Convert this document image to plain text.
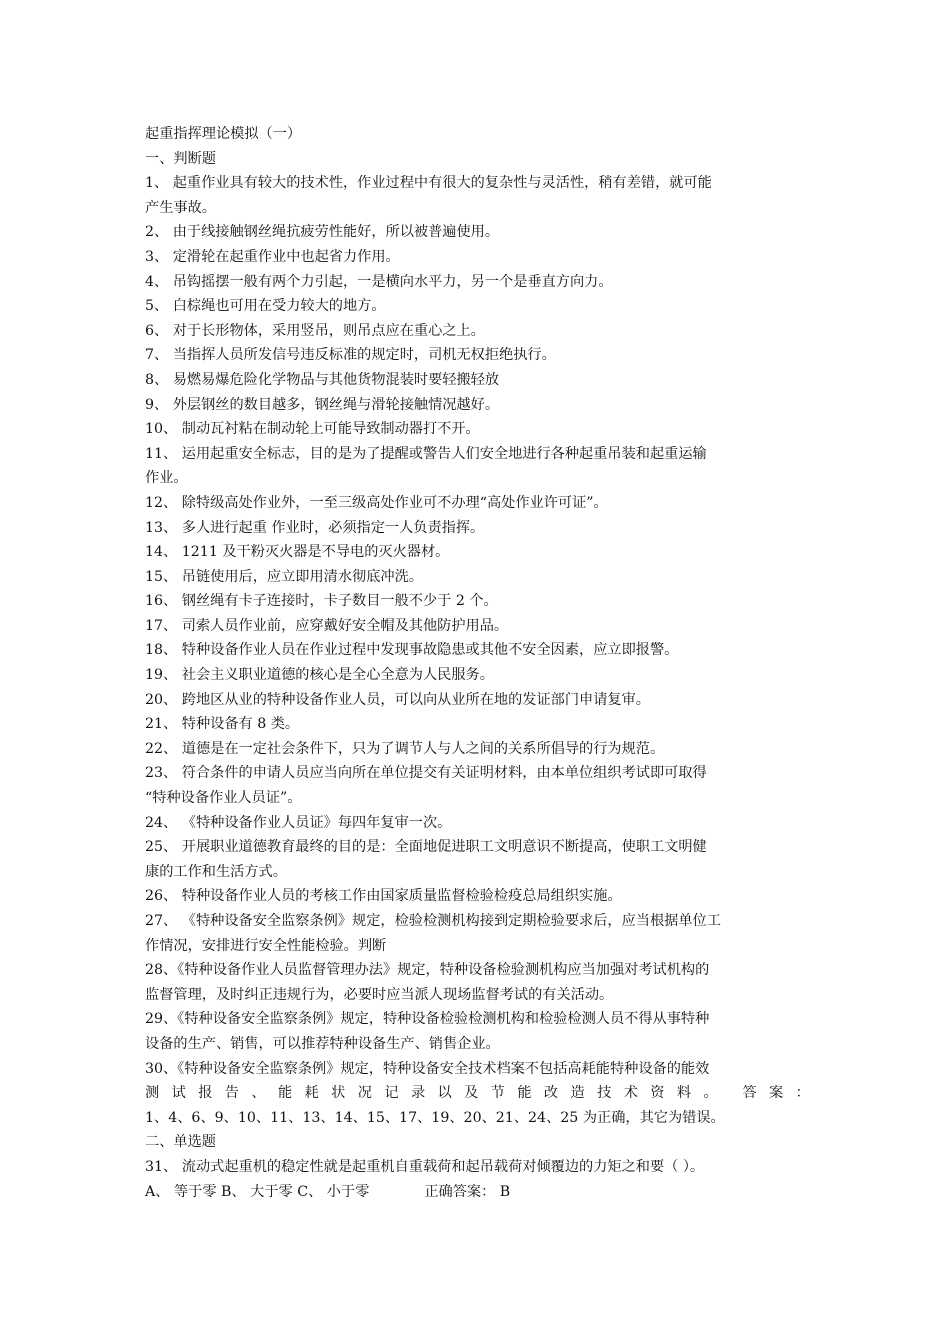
起重指挥理论模拟（一）
一、判断题
1、 起重作业具有较大的技术性，作业过程中有很大的复杂性与灵活性，稍有差错，就可能
产生事故。
2、 由于线接触钢丝绳抗疲劳性能好，所以被普遍使用。
3、 定滑轮在起重作业中也起省力作用。
4、 吊钩摇摆一般有两个力引起，一是横向水平力，另一个是垂直方向力。
5、 白棕绳也可用在受力较大的地方。
6、 对于长形物体，采用竖吊，则吊点应在重心之上。
7、 当指挥人员所发信号违反标准的规定时，司机无权拒绝执行。
8、 易燃易爆危险化学物品与其他货物混装时要轻搬轻放
9、 外层钢丝的数目越多，钢丝绳与滑轮接触情况越好。
10、 制动瓦衬粘在制动轮上可能导致制动器打不开。
11、 运用起重安全标志，目的是为了提醒或警告人们安全地进行各种起重吊装和起重运输
作业。
12、 除特级高处作业外，一至三级高处作业可不办理“高处作业许可证”。
13、 多人进行起重 作业时，必须指定一人负责指挥。
14、 1211 及干粉灭火器是不导电的灭火器材。
15、 吊链使用后，应立即用清水彻底冲洗。
16、 钢丝绳有卡子连接时，卡子数目一般不少于 2 个。
17、 司索人员作业前，应穿戴好安全帽及其他防护用品。
18、 特种设备作业人员在作业过程中发现事故隐患或其他不安全因素，应立即报警。
19、 社会主义职业道德的核心是全心全意为人民服务。
20、 跨地区从业的特种设备作业人员，可以向从业所在地的发证部门申请复审。
21、 特种设备有 8 类。
22、 道德是在一定社会条件下，只为了调节人与人之间的关系所倡导的行为规范。
23、 符合条件的申请人员应当向所在单位提交有关证明材料，由本单位组织考试即可取得
“特种设备作业人员证”。
24、 《特种设备作业人员证》每四年复审一次。
25、 开展职业道德教育最终的目的是：全面地促进职工文明意识不断提高，使职工文明健
康的工作和生活方式。
26、 特种设备作业人员的考核工作由国家质量监督检验检疫总局组织实施。
27、 《特种设备安全监察条例》规定，检验检测机构接到定期检验要求后，应当根据单位工
作情况，安排进行安全性能检验。判断
28、《特种设备作业人员监督管理办法》规定，特种设备检验测机构应当加强对考试机构的
监督管理，及时纠正违规行为，必要时应当派人现场监督考试的有关活动。
29、《特种设备安全监察条例》规定，特种设备检验检测机构和检验检测人员不得从事特种
设备的生产、销售，可以推荐特种设备生产、销售企业。
30、《特种设备安全监察条例》规定，特种设备安全技术档案不包括高耗能特种设备的能效
测 试 报 告 、 能 耗 状 况 记 录 以 及 节 能 改 造 技 术 资 料 。 答 案 ：
1、4、6、9、10、11、13、14、15、17、19、20、21、24、25 为正确，其它为错误。
二、单选题
31、 流动式起重机的稳定性就是起重机自重载荷和起吊载荷对倾覆边的力矩之和要（ ）。
A、 等于零 B、 大于零 C、 小于零	正确答案： B
